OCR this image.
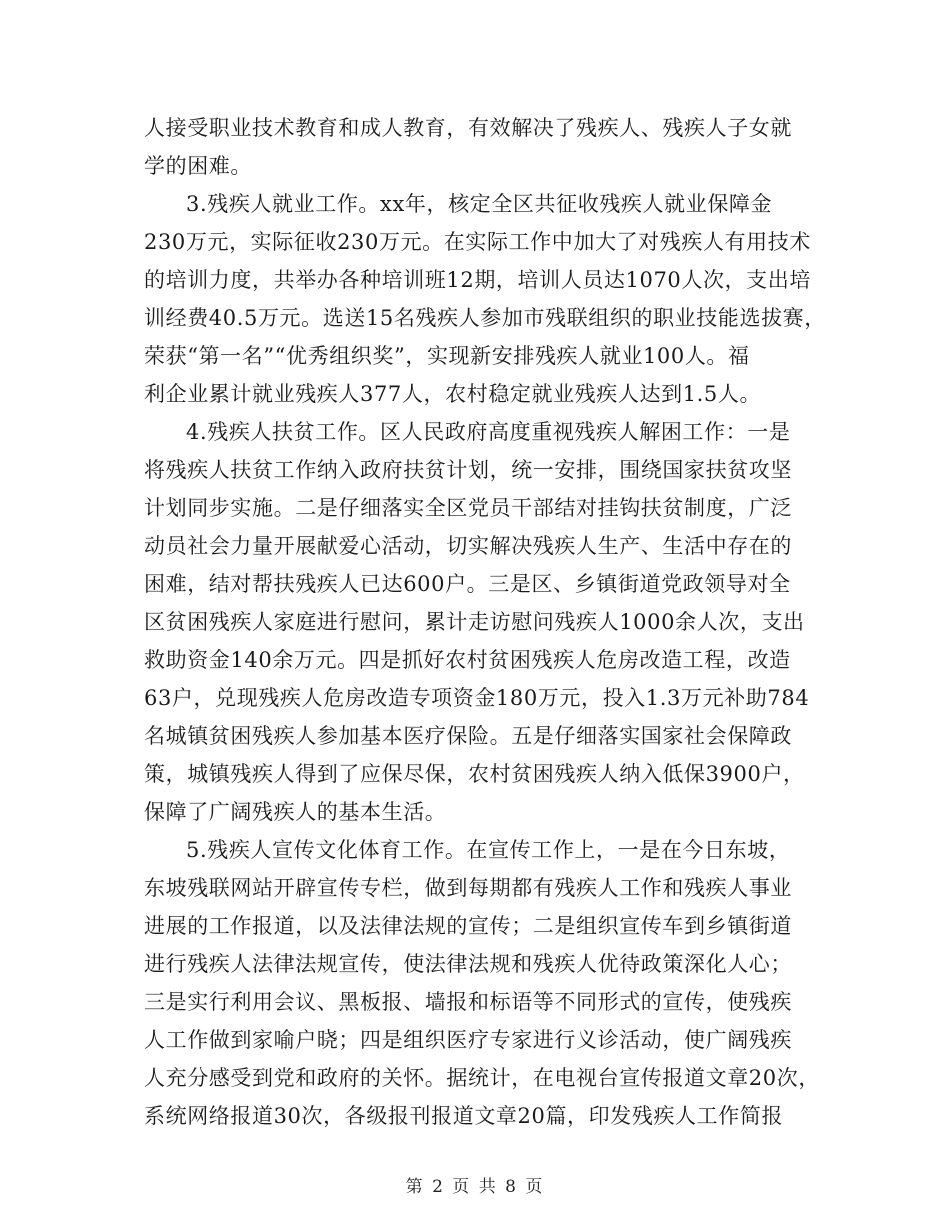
人接受职业技术教育和成人教育，有效解决了残疾人、残疾人子女就
学的困难。
3.残疾人就业工作。xx年，核定全区共征收残疾人就业保障金
230万元，实际征收230万元。在实际工作中加大了对残疾人有用技术
的培训力度，共举办各种培训班12期，培训人员达1070人次，支出培
训经费40.5万元。选送15名残疾人参加市残联组织的职业技能选拔赛，
荣获“第一名”“优秀组织奖”，实现新安排残疾人就业100人。福
利企业累计就业残疾人377人，农村稳定就业残疾人达到1.5人。
4.残疾人扶贫工作。区人民政府高度重视残疾人解困工作：一是
将残疾人扶贫工作纳入政府扶贫计划，统一安排，围绕国家扶贫攻坚
计划同步实施。二是仔细落实全区党员干部结对挂钩扶贫制度，广泛
动员社会力量开展献爱心活动，切实解决残疾人生产、生活中存在的
困难，结对帮扶残疾人已达600户。三是区、乡镇街道党政领导对全
区贫困残疾人家庭进行慰问，累计走访慰问残疾人1000余人次，支出
救助资金140余万元。四是抓好农村贫困残疾人危房改造工程，改造
63户，兑现残疾人危房改造专项资金180万元，投入1.3万元补助784
名城镇贫困残疾人参加基本医疗保险。五是仔细落实国家社会保障政
策，城镇残疾人得到了应保尽保，农村贫困残疾人纳入低保3900户，
保障了广阔残疾人的基本生活。
5.残疾人宣传文化体育工作。在宣传工作上，一是在今日东坡，
东坡残联网站开辟宣传专栏，做到每期都有残疾人工作和残疾人事业
进展的工作报道，以及法律法规的宣传；二是组织宣传车到乡镇街道
进行残疾人法律法规宣传，使法律法规和残疾人优待政策深化人心；
三是实行利用会议、黑板报、墙报和标语等不同形式的宣传，使残疾
人工作做到家喻户晓；四是组织医疗专家进行义诊活动，使广阔残疾
人充分感受到党和政府的关怀。据统计，在电视台宣传报道文章20次，
系统网络报道30次，各级报刊报道文章20篇，印发残疾人工作简报
第 2 页 共 8 页
